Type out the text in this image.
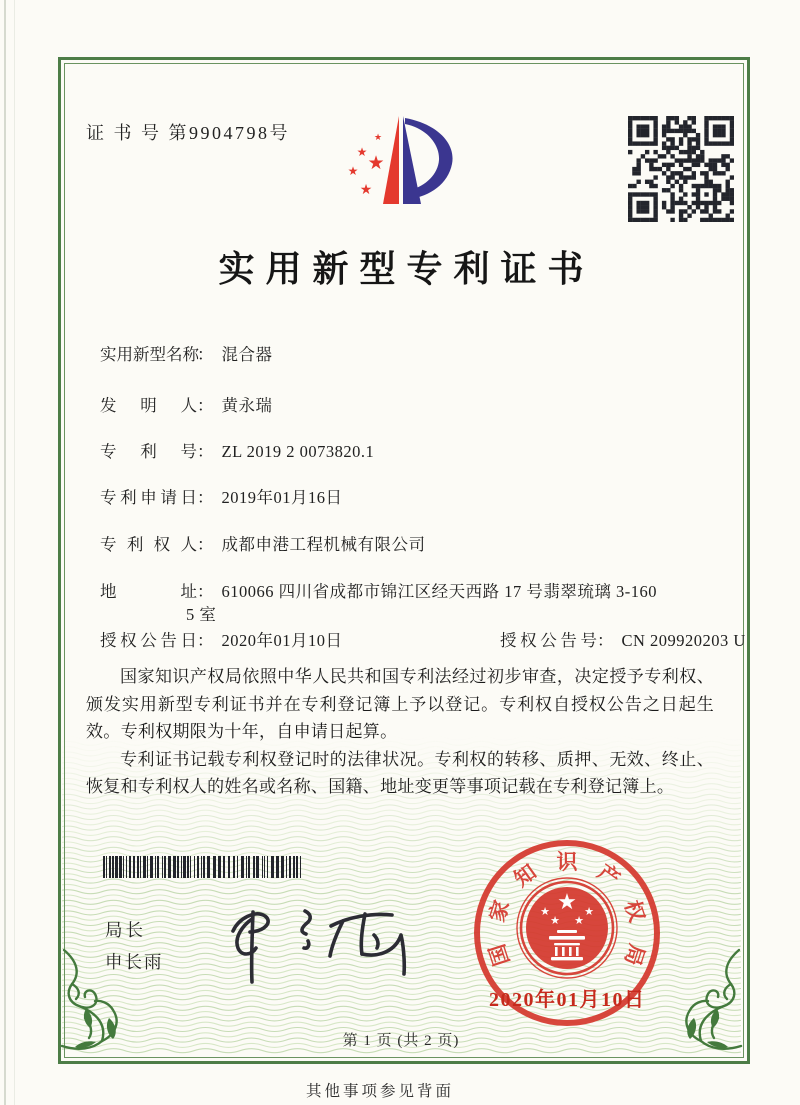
证 书 号 第9904798号	★
★
★
★
★
实用新型专利证书
实用新型名称： 混合器
发明人： 黄永瑞
专利号： ZL 2019 2 0073820.1
专利申请日： 2019年01月16日
专利权人： 成都申港工程机械有限公司
地址： 610066 四川省成都市锦江区经天西路 17 号翡翠琉璃 3-160
5 室
授权公告日： 2020年01月10日	授权公告号： CN 209920203 U

国家知识产权局依照中华人民共和国专利法经过初步审查，决定授予专利权、颁发实用新型专利证书并在专利登记簿上予以登记。专利权自授权公告之日起生效。专利权期限为十年，自申请日起算。

专利证书记载专利权登记时的法律状况。专利权的转移、质押、无效、终止、恢复和专利权人的姓名或名称、国籍、地址变更等事项记载在专利登记簿上。

局长
申长雨
★
★
★ ★
★
国
家
知 识 产
权
局
2020年01月10日
第 1 页 (共 2 页)
其他事项参见背面
